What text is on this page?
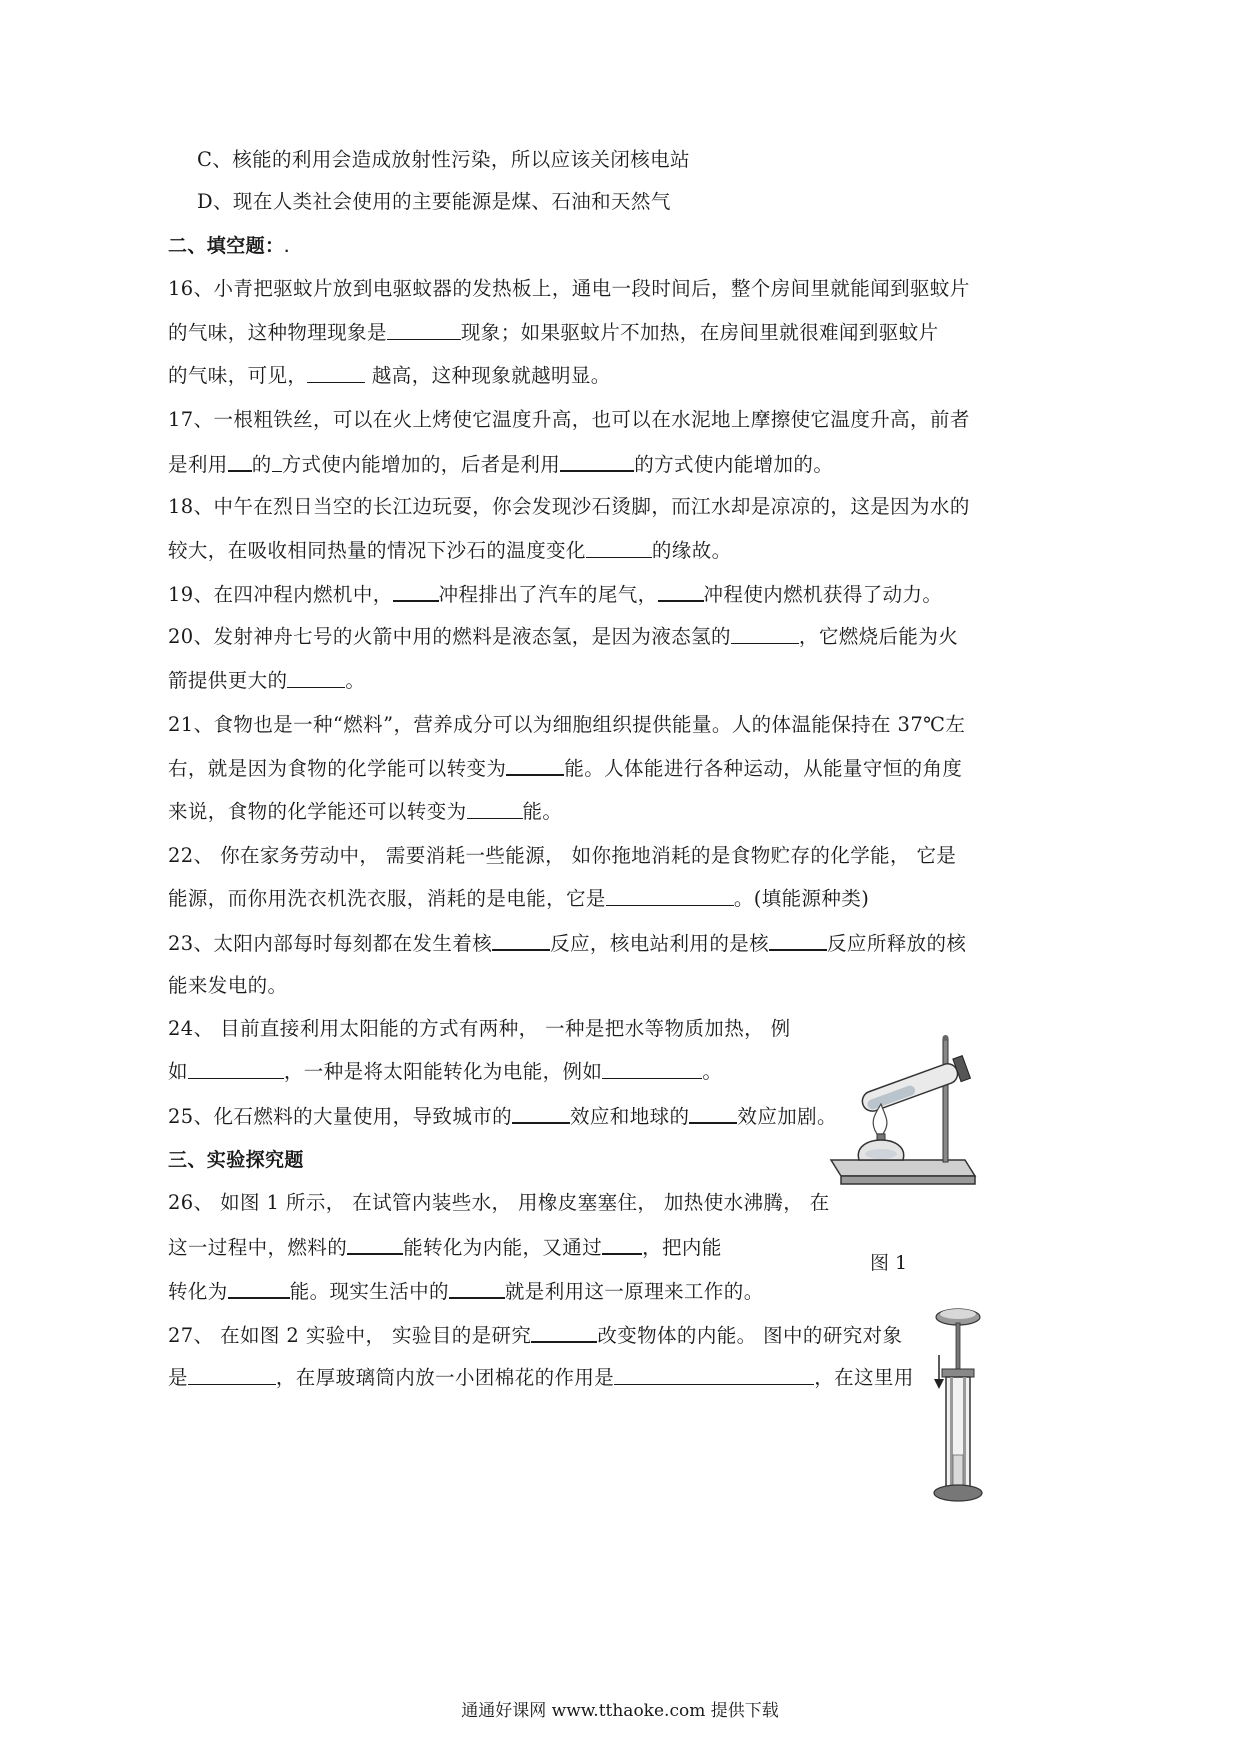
C、核能的利用会造成放射性污染，所以应该关闭核电站
D、现在人类社会使用的主要能源是煤、石油和天然气
二、填空题：.
16、小青把驱蚊片放到电驱蚊器的发热板上，通电一段时间后，整个房间里就能闻到驱蚊片
的气味，这种物理现象是	现象；如果驱蚊片不加热，在房间里就很难闻到驱蚊片
的气味，可见，	越高，这种现象就越明显。
17、一根粗铁丝，可以在火上烤使它温度升高，也可以在水泥地上摩擦使它温度升高，前者
是利用 的 方式使内能增加的，后者是利用	的方式使内能增加的。
18、中午在烈日当空的长江边玩耍，你会发现沙石烫脚，而江水却是凉凉的，这是因为水的
较大，在吸收相同热量的情况下沙石的温度变化	的缘故。
19、在四冲程内燃机中， 冲程排出了汽车的尾气， 冲程使内燃机获得了动力。
20、发射神舟七号的火箭中用的燃料是液态氢，是因为液态氢的	，它燃烧后能为火
箭提供更大的	。
21、食物也是一种“燃料”，营养成分可以为细胞组织提供能量。人的体温能保持在 37℃左
右，就是因为食物的化学能可以转变为	能。人体能进行各种运动，从能量守恒的角度
来说，食物的化学能还可以转变为	能。
22、 你在家务劳动中， 需要消耗一些能源， 如你拖地消耗的是食物贮存的化学能， 它是
能源，而你用洗衣机洗衣服，消耗的是电能，它是	。(填能源种类)
23、太阳内部每时每刻都在发生着核	反应，核电站利用的是核	反应所释放的核
能来发电的。
24、 目前直接利用太阳能的方式有两种， 一种是把水等物质加热， 例
如	，一种是将太阳能转化为电能，例如	。
25、化石燃料的大量使用，导致城市的	效应和地球的 效应加剧。
三、实验探究题
26、 如图 1 所示， 在试管内装些水， 用橡皮塞塞住， 加热使水沸腾， 在
这一过程中，燃料的	能转化为内能，又通过 ，把内能
转化为	能。现实生活中的	就是利用这一原理来工作的。
27、 在如图 2 实验中， 实验目的是研究	改变物体的内能。 图中的研究对象
是	，在厚玻璃筒内放一小团棉花的作用是	，在这里用
图 1
通通好课网 www.tthaoke.com 提供下载
